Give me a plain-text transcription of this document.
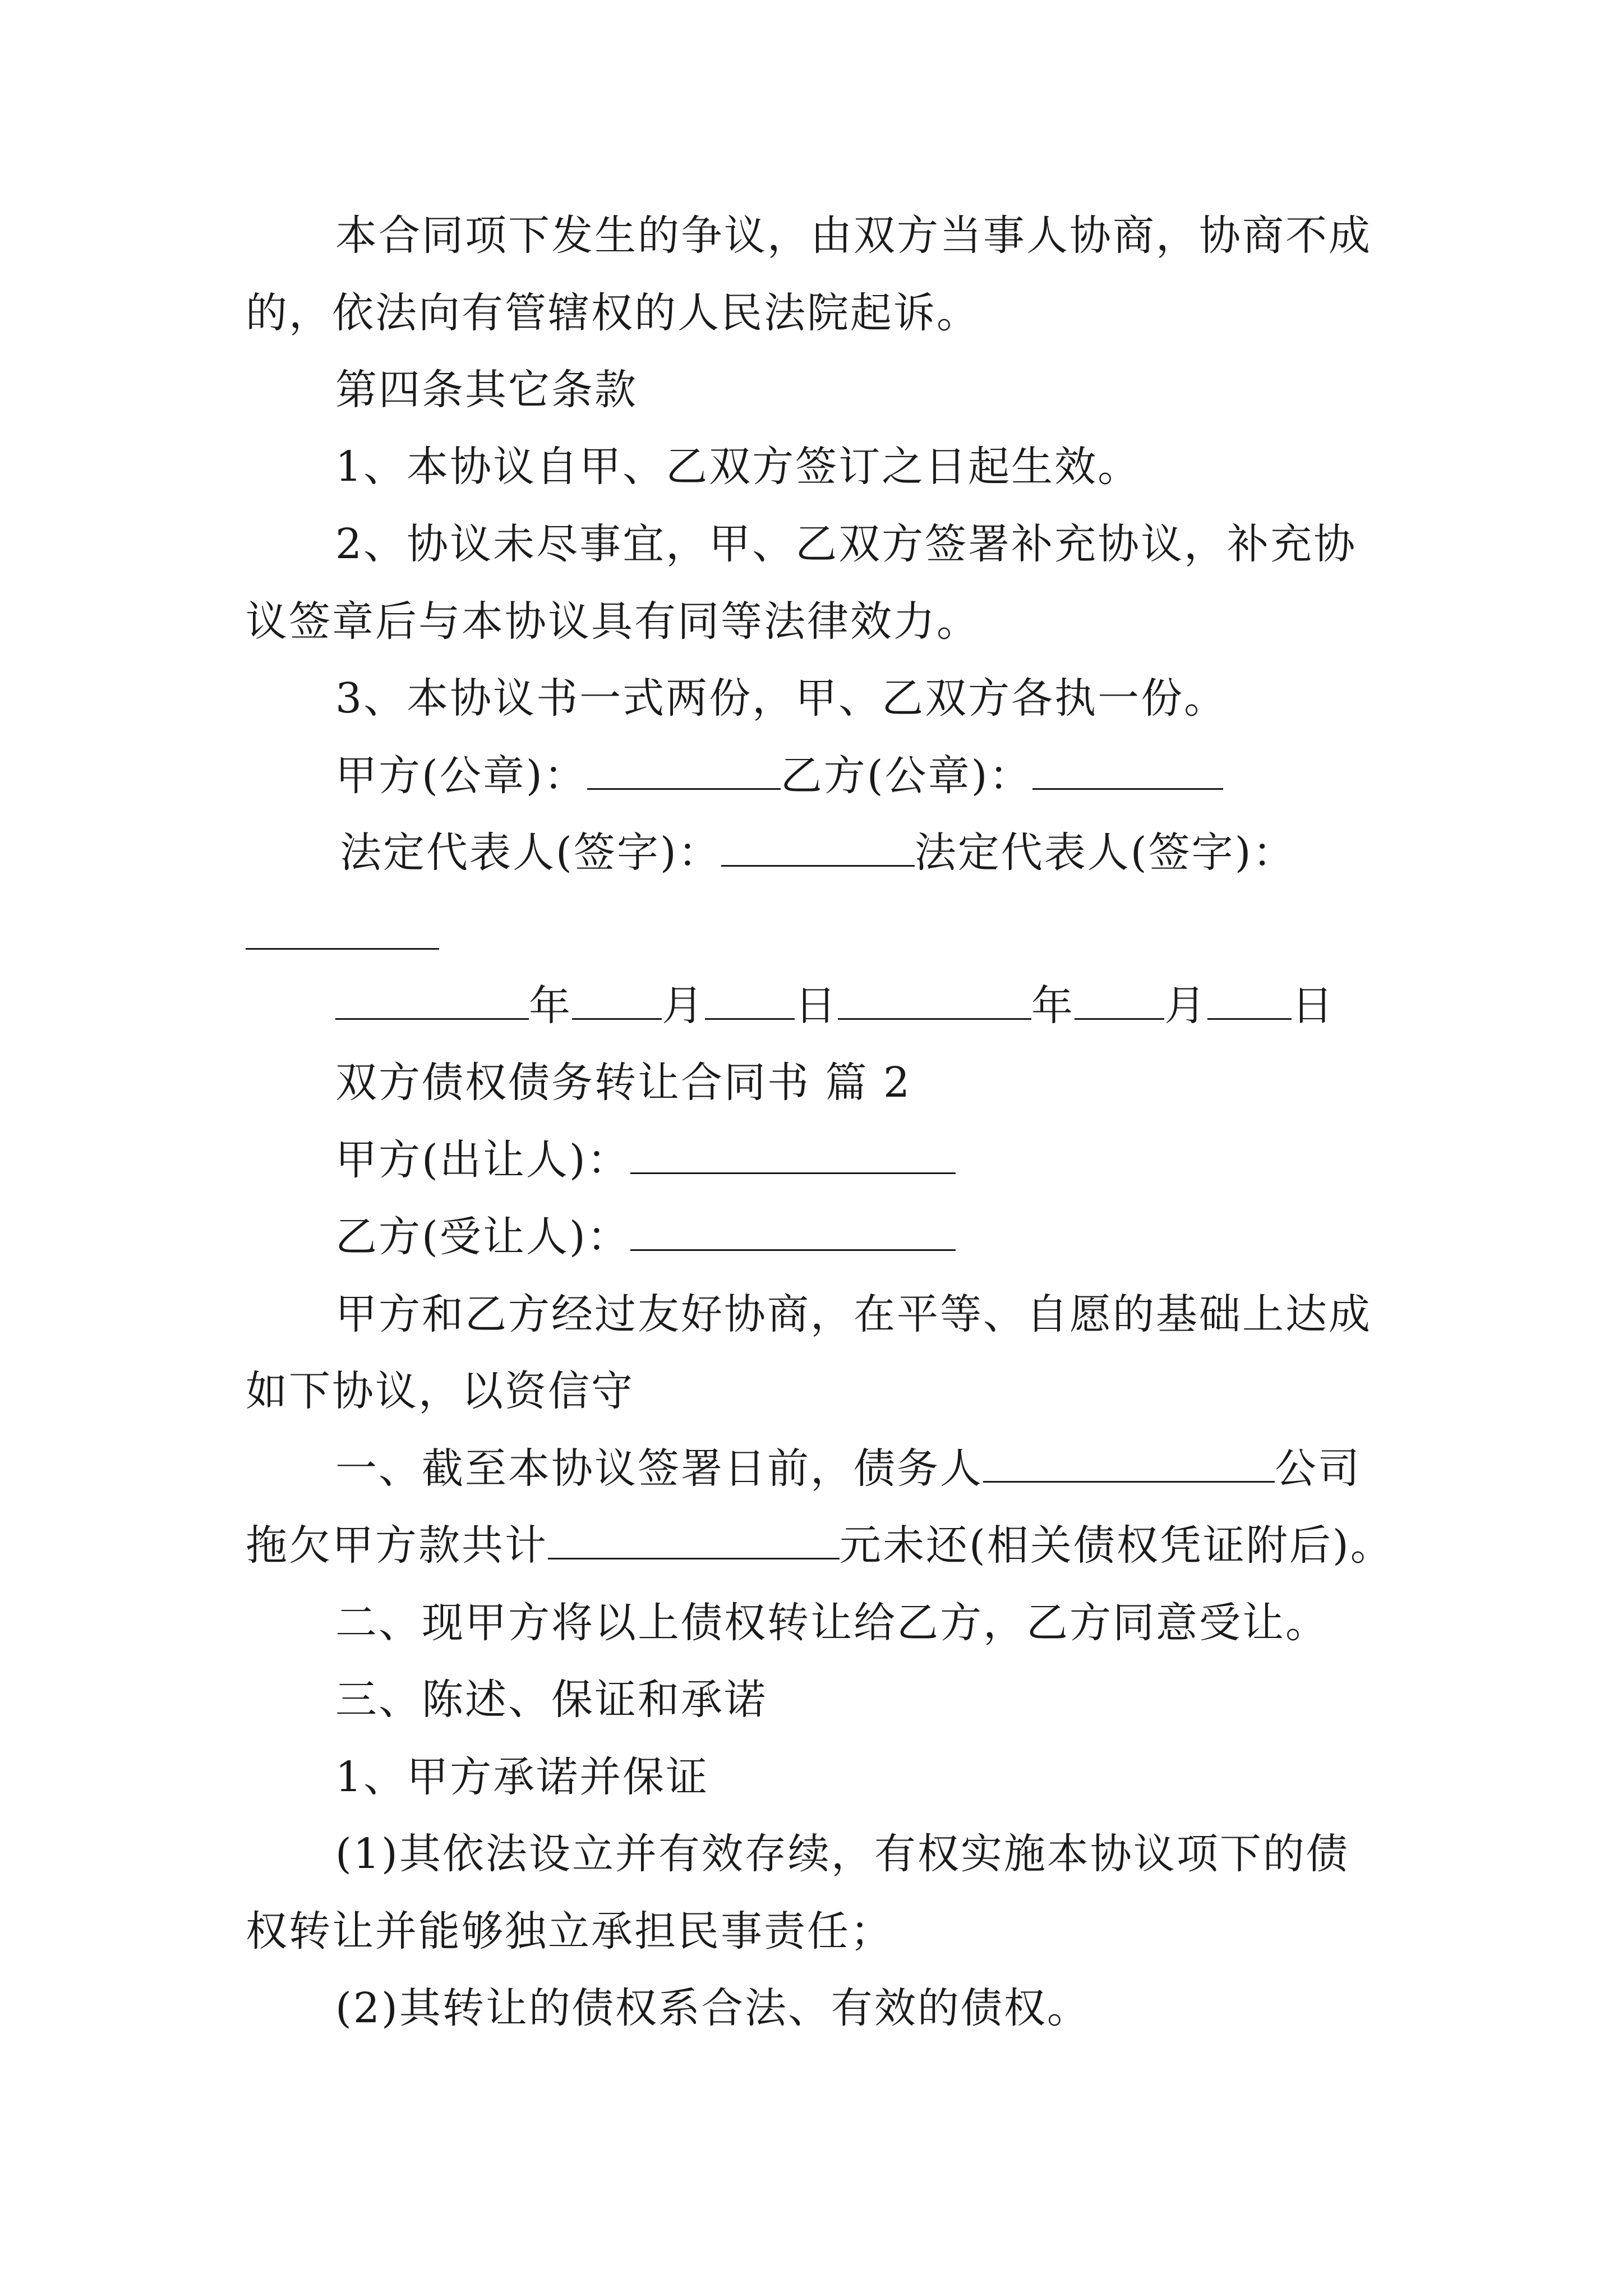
本合同项下发生的争议，由双方当事人协商，协商不成
的，依法向有管辖权的人民法院起诉。
第四条其它条款
1、本协议自甲、乙双方签订之日起生效。
2、协议未尽事宜，甲、乙双方签署补充协议，补充协
议签章后与本协议具有同等法律效力。
3、本协议书一式两份，甲、乙双方各执一份。
甲方(公章)：	乙方(公章)：
法定代表人(签字)：	法定代表人(签字)：
年 月 日	年 月 日
双方债权债务转让合同书 篇 2
甲方(出让人)：
乙方(受让人)：
甲方和乙方经过友好协商，在平等、自愿的基础上达成
如下协议，以资信守
一、截至本协议签署日前，债务人	公司
拖欠甲方款共计	元未还(相关债权凭证附后)。
二、现甲方将以上债权转让给乙方，乙方同意受让。
三、陈述、保证和承诺
1、甲方承诺并保证
(1)其依法设立并有效存续，有权实施本协议项下的债
权转让并能够独立承担民事责任；
(2)其转让的债权系合法、有效的债权。
